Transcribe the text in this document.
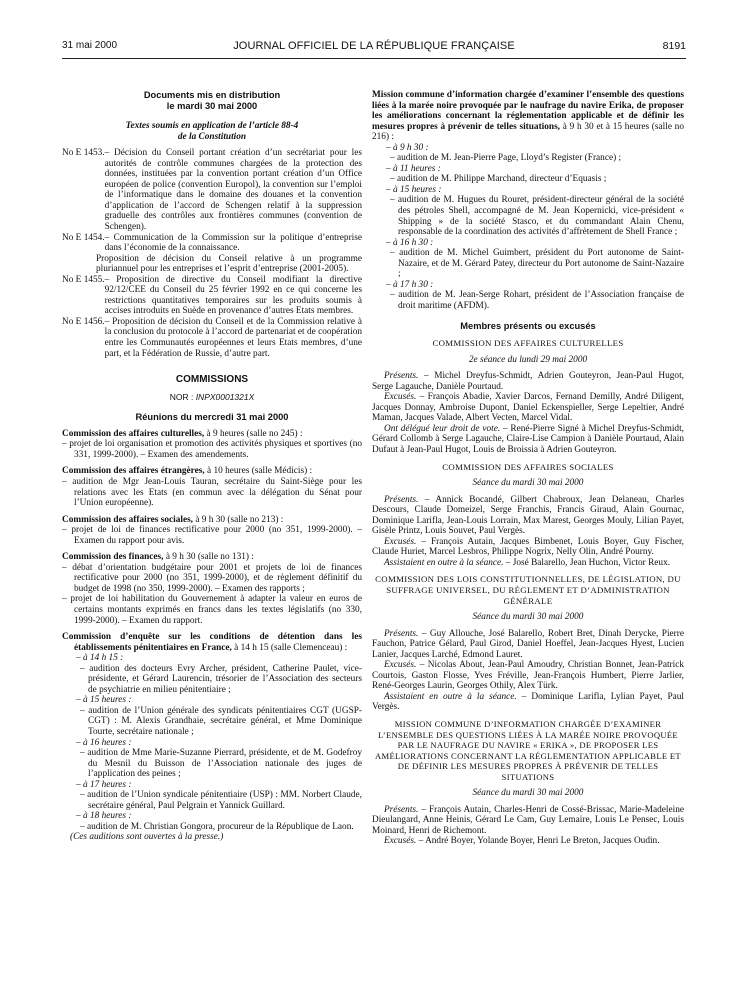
31 mai 2000	JOURNAL OFFICIEL DE LA RÉPUBLIQUE FRANÇAISE	8191

Documents mis en distribution

le mardi 30 mai 2000

Textes soumis en application de l’article 88-4

de la Constitution

No E 1453. – Décision du Conseil portant création d’un secrétariat pour les autorités de contrôle communes chargées de la protection des données, instituées par la convention portant création d’un Office européen de police (convention Europol), la convention sur l’emploi de l’informatique dans le domaine des douanes et la convention d’application de l’accord de Schengen relatif à la suppression graduelle des contrôles aux frontières communes (convention de Schengen).
No E 1454. – Communication de la Commission sur la politique d’entreprise dans l’économie de la connaissance.
Proposition de décision du Conseil relative à un programme pluriannuel pour les entreprises et l’esprit d’entreprise (2001-2005).
No E 1455. – Proposition de directive du Conseil modifiant la directive 92/12/CEE du Conseil du 25 février 1992 en ce qui concerne les restrictions quantitatives temporaires sur les produits soumis à accises introduits en Suède en provenance d’autres Etats membres.
No E 1456. – Proposition de décision du Conseil et de la Commission relative à la conclusion du protocole à l’accord de partenariat et de coopération entre les Communautés européennes et leurs Etats membres, d’une part, et la Fédération de Russie, d’autre part.

COMMISSIONS

NOR : INPX0001321X

Réunions du mercredi 31 mai 2000

Commission des affaires culturelles, à 9 heures (salle no 245) :

– projet de loi organisation et promotion des activités physiques et sportives (no 331, 1999-2000). – Examen des amendements.

Commission des affaires étrangères, à 10 heures (salle Médicis) :

– audition de Mgr Jean-Louis Tauran, secrétaire du Saint-Siège pour les relations avec les Etats (en commun avec la délégation du Sénat pour l’Union européenne).

Commission des affaires sociales, à 9 h 30 (salle no 213) :

– projet de loi de finances rectificative pour 2000 (no 351, 1999-2000). – Examen du rapport pour avis.

Commission des finances, à 9 h 30 (salle no 131) :

– débat d’orientation budgétaire pour 2001 et projets de loi de finances rectificative pour 2000 (no 351, 1999-2000), et de règlement définitif du budget de 1998 (no 350, 1999-2000). – Examen des rapports ;

– projet de loi habilitation du Gouvernement à adapter la valeur en euros de certains montants exprimés en francs dans les textes législatifs (no 330, 1999-2000). – Examen du rapport.

Commission d’enquête sur les conditions de détention dans les établissements pénitentiaires en France, à 14 h 15 (salle Clemenceau) :

– à 14 h 15 :

– audition des docteurs Evry Archer, président, Catherine Paulet, vice-présidente, et Gérard Laurencin, trésorier de l’Association des secteurs de psychiatrie en milieu pénitentiaire ;

– à 15 heures :

– audition de l’Union générale des syndicats pénitentiaires CGT (UGSP-CGT) : M. Alexis Grandhaie, secrétaire général, et Mme Dominique Tourte, secrétaire nationale ;

– à 16 heures :

– audition de Mme Marie-Suzanne Pierrard, présidente, et de M. Godefroy du Mesnil du Buisson de l’Association nationale des juges de l’application des peines ;

– à 17 heures :

– audition de l’Union syndicale pénitentiaire (USP) : MM. Norbert Claude, secrétaire général, Paul Pelgrain et Yannick Guillard.

– à 18 heures :

– audition de M. Christian Gongora, procureur de la République de Laon.

(Ces auditions sont ouvertes à la presse.)

Mission commune d’information chargée d’examiner l’ensemble des questions liées à la marée noire provoquée par le naufrage du navire Erika, de proposer les améliorations concernant la réglementation applicable et de définir les mesures propres à prévenir de telles situations, à 9 h 30 et à 15 heures (salle no 216) :

– à 9 h 30 :

– audition de M. Jean-Pierre Page, Lloyd’s Register (France) ;

– à 11 heures :

– audition de M. Philippe Marchand, directeur d’Equasis ;

– à 15 heures :

– audition de M. Hugues du Rouret, président-directeur général de la société des pétroles Shell, accompagné de M. Jean Kopernicki, vice-président « Shipping » de la société Stasco, et du commandant Alain Chenu, responsable de la coordination des activités d’affrètement de Shell France ;

– à 16 h 30 :

– audition de M. Michel Guimbert, président du Port autonome de Saint-Nazaire, et de M. Gérard Patey, directeur du Port autonome de Saint-Nazaire ;

– à 17 h 30 :

– audition de M. Jean-Serge Rohart, président de l’Association française de droit maritime (AFDM).

Membres présents ou excusés

COMMISSION DES AFFAIRES CULTURELLES

2e séance du lundi 29 mai 2000

Présents. – Michel Dreyfus-Schmidt, Adrien Gouteyron, Jean-Paul Hugot, Serge Lagauche, Danièle Pourtaud.

Excusés. – François Abadie, Xavier Darcos, Fernand Demilly, André Diligent, Jacques Donnay, Ambroise Dupont, Daniel Eckenspieller, Serge Lepeltier, André Maman, Jacques Valade, Albert Vecten, Marcel Vidal.

Ont délégué leur droit de vote. – René-Pierre Signé à Michel Dreyfus-Schmidt, Gérard Collomb à Serge Lagauche, Claire-Lise Campion à Danièle Pourtaud, Alain Dufaut à Jean-Paul Hugot, Louis de Broissia à Adrien Gouteyron.

COMMISSION DES AFFAIRES SOCIALES

Séance du mardi 30 mai 2000

Présents. – Annick Bocandé, Gilbert Chabroux, Jean Delaneau, Charles Descours, Claude Domeizel, Serge Franchis, Francis Giraud, Alain Gournac, Dominique Larifla, Jean-Louis Lorrain, Max Marest, Georges Mouly, Lilian Payet, Gisèle Printz, Louis Souvet, Paul Vergès.

Excusés. – François Autain, Jacques Bimbenet, Louis Boyer, Guy Fischer, Claude Huriet, Marcel Lesbros, Philippe Nogrix, Nelly Olin, André Pourny.

Assistaient en outre à la séance. – José Balarello, Jean Huchon, Victor Reux.

COMMISSION DES LOIS CONSTITUTIONNELLES, DE LÉGISLATION, DU SUFFRAGE UNIVERSEL, DU RÈGLEMENT ET D’ADMINISTRATION GÉNÉRALE

Séance du mardi 30 mai 2000

Présents. – Guy Allouche, José Balarello, Robert Bret, Dinah Derycke, Pierre Fauchon, Patrice Gélard, Paul Girod, Daniel Hoeffel, Jean-Jacques Hyest, Lucien Lanier, Jacques Larché, Edmond Lauret.

Excusés. – Nicolas About, Jean-Paul Amoudry, Christian Bonnet, Jean-Patrick Courtois, Gaston Flosse, Yves Fréville, Jean-François Humbert, Pierre Jarlier, René-Georges Laurin, Georges Othily, Alex Türk.

Assistaient en outre à la séance. – Dominique Larifla, Lylian Payet, Paul Vergès.

MISSION COMMUNE D’INFORMATION CHARGÉE D’EXAMINER L’ENSEMBLE DES QUESTIONS LIÉES À LA MARÉE NOIRE PROVOQUÉE PAR LE NAUFRAGE DU NAVIRE « ERIKA », DE PROPOSER LES AMÉLIORATIONS CONCERNANT LA RÉGLEMENTATION APPLICABLE ET DE DÉFINIR LES MESURES PROPRES À PRÉVENIR DE TELLES SITUATIONS

Séance du mardi 30 mai 2000

Présents. – François Autain, Charles-Henri de Cossé-Brissac, Marie-Madeleine Dieulangard, Anne Heinis, Gérard Le Cam, Guy Lemaire, Louis Le Pensec, Louis Moinard, Henri de Richemont.

Excusés. – André Boyer, Yolande Boyer, Henri Le Breton, Jacques Oudin.
